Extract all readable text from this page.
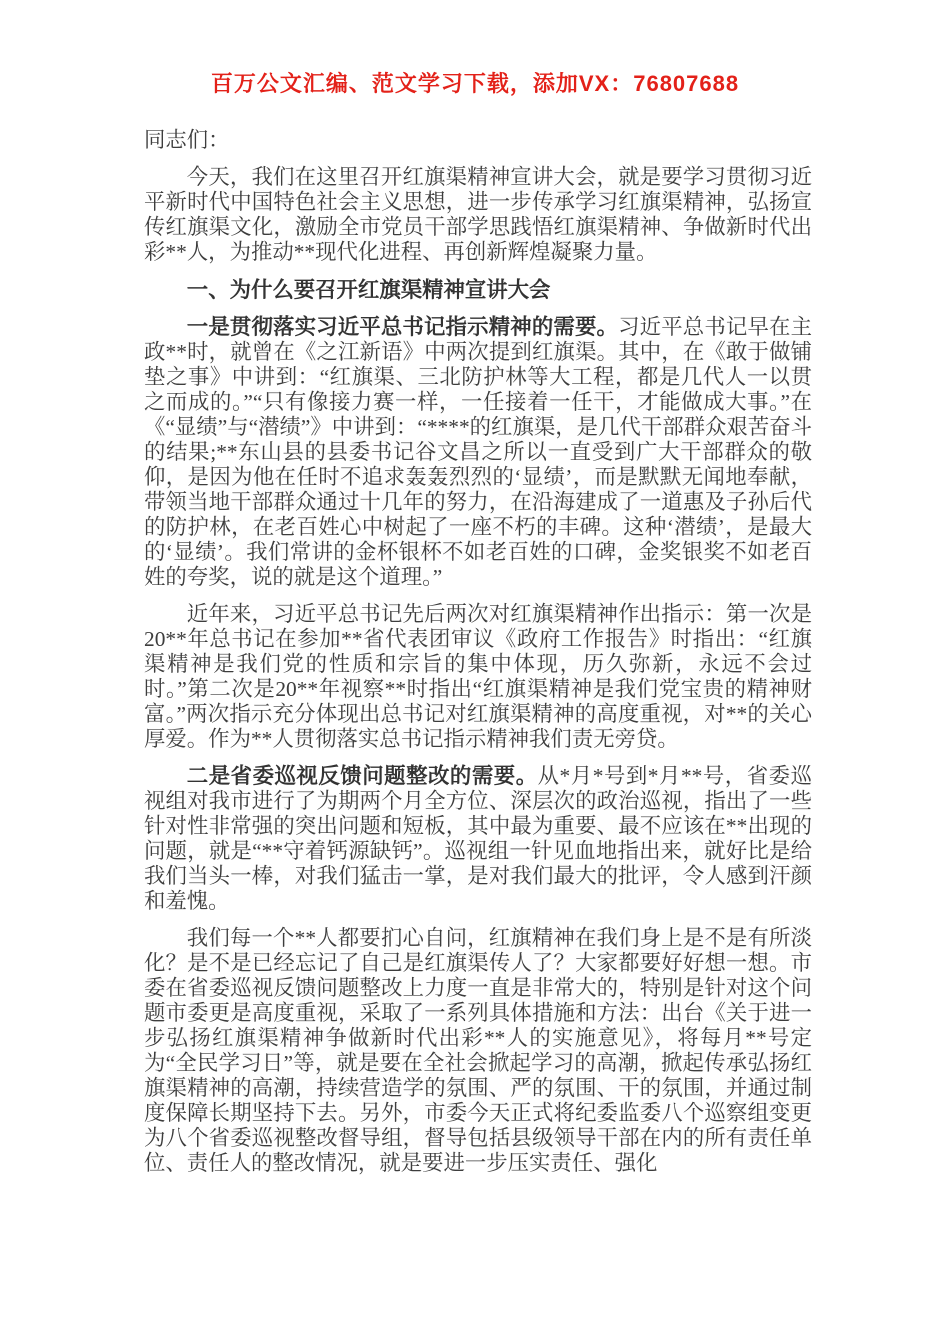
百万公文汇编、范文学习下载，添加VX：76807688

同志们：

今天，我们在这里召开红旗渠精神宣讲大会，就是要学习贯彻习近平新时代中国特色社会主义思想，进一步传承学习红旗渠精神，弘扬宣传红旗渠文化，激励全市党员干部学思践悟红旗渠精神、争做新时代出彩**人，为推动**现代化进程、再创新辉煌凝聚力量。

一、为什么要召开红旗渠精神宣讲大会

一是贯彻落实习近平总书记指示精神的需要。习近平总书记早在主政**时，就曾在《之江新语》中两次提到红旗渠。其中，在《敢于做铺垫之事》中讲到：“红旗渠、三北防护林等大工程，都是几代人一以贯之而成的。”“只有像接力赛一样，一任接着一任干，才能做成大事。”在《“显绩”与“潜绩”》中讲到：“****的红旗渠，是几代干部群众艰苦奋斗的结果;**东山县的县委书记谷文昌之所以一直受到广大干部群众的敬仰，是因为他在任时不追求轰轰烈烈的‘显绩’，而是默默无闻地奉献，带领当地干部群众通过十几年的努力，在沿海建成了一道惠及子孙后代的防护林，在老百姓心中树起了一座不朽的丰碑。这种‘潜绩’，是最大的‘显绩’。我们常讲的金杯银杯不如老百姓的口碑，金奖银奖不如老百姓的夸奖，说的就是这个道理。”

近年来，习近平总书记先后两次对红旗渠精神作出指示：第一次是20**年总书记在参加**省代表团审议《政府工作报告》时指出：“红旗渠精神是我们党的性质和宗旨的集中体现，历久弥新，永远不会过时。”第二次是20**年视察**时指出“红旗渠精神是我们党宝贵的精神财富。”两次指示充分体现出总书记对红旗渠精神的高度重视，对**的关心厚爱。作为**人贯彻落实总书记指示精神我们责无旁贷。

二是省委巡视反馈问题整改的需要。从*月*号到*月**号，省委巡视组对我市进行了为期两个月全方位、深层次的政治巡视，指出了一些针对性非常强的突出问题和短板，其中最为重要、最不应该在**出现的问题，就是“**守着钙源缺钙”。巡视组一针见血地指出来，就好比是给我们当头一棒，对我们猛击一掌，是对我们最大的批评，令人感到汗颜和羞愧。

我们每一个**人都要扪心自问，红旗精神在我们身上是不是有所淡化？是不是已经忘记了自己是红旗渠传人了？大家都要好好想一想。市委在省委巡视反馈问题整改上力度一直是非常大的，特别是针对这个问题市委更是高度重视，采取了一系列具体措施和方法：出台《关于进一步弘扬红旗渠精神争做新时代出彩**人的实施意见》，将每月**号定为“全民学习日”等，就是要在全社会掀起学习的高潮，掀起传承弘扬红旗渠精神的高潮，持续营造学的氛围、严的氛围、干的氛围，并通过制度保障长期坚持下去。另外，市委今天正式将纪委监委八个巡察组变更为八个省委巡视整改督导组，督导包括县级领导干部在内的所有责任单位、责任人的整改情况，就是要进一步压实责任、强化
